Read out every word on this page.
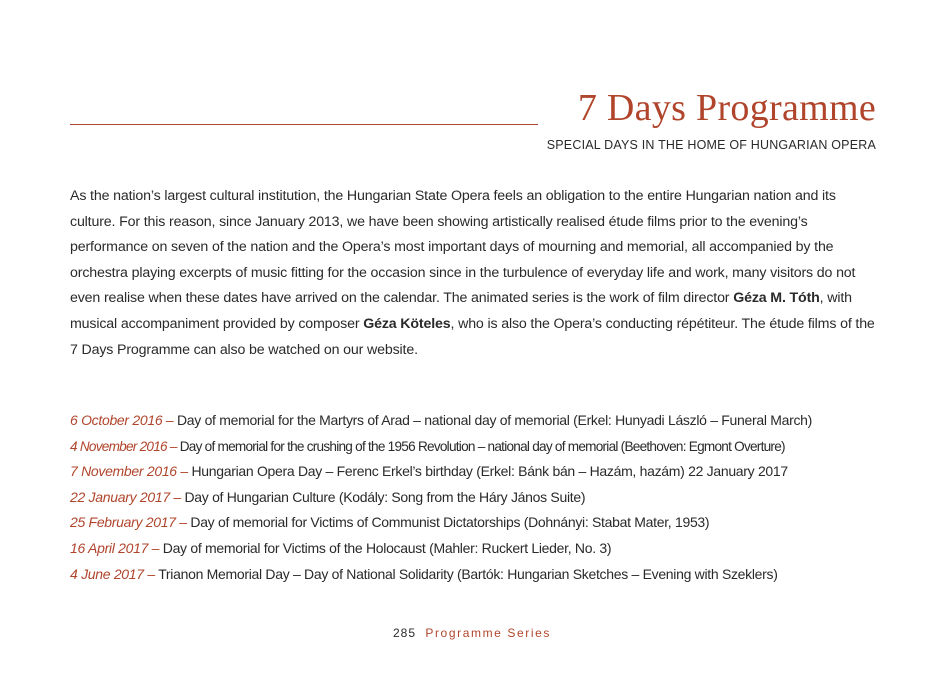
7 Days Programme
SPECIAL DAYS IN THE HOME OF HUNGARIAN OPERA

As the nation’s largest cultural institution, the Hungarian State Opera feels an obligation to the entire Hungarian nation and its culture. For this reason, since January 2013, we have been showing artistically realised étude films prior to the evening’s performance on seven of the nation and the Opera’s most important days of mourning and memorial, all accompanied by the orchestra playing excerpts of music fitting for the occasion since in the turbulence of everyday life and work, many visitors do not even realise when these dates have arrived on the calendar. The animated series is the work of film director Géza M. Tóth, with musical accompaniment provided by composer Géza Köteles, who is also the Opera’s conducting répétiteur. The étude films of the 7 Days Programme can also be watched on our website.

6 October 2016 – Day of memorial for the Martyrs of Arad – national day of memorial (Erkel: Hunyadi László – Funeral March)
4 November 2016 – Day of memorial for the crushing of the 1956 Revolution – national day of memorial (Beethoven: Egmont Overture)
7 November 2016 – Hungarian Opera Day – Ferenc Erkel’s birthday (Erkel: Bánk bán – Hazám, hazám) 22 January 2017
22 January 2017 – Day of Hungarian Culture (Kodály: Song from the Háry János Suite)
25 February 2017 – Day of memorial for Victims of Communist Dictatorships (Dohnányi: Stabat Mater, 1953)
16 April 2017 – Day of memorial for Victims of the Holocaust (Mahler: Ruckert Lieder, No. 3)
4 June 2017 – Trianon Memorial Day – Day of National Solidarity (Bartók: Hungarian Sketches – Evening with Szeklers)
285 Programme Series
